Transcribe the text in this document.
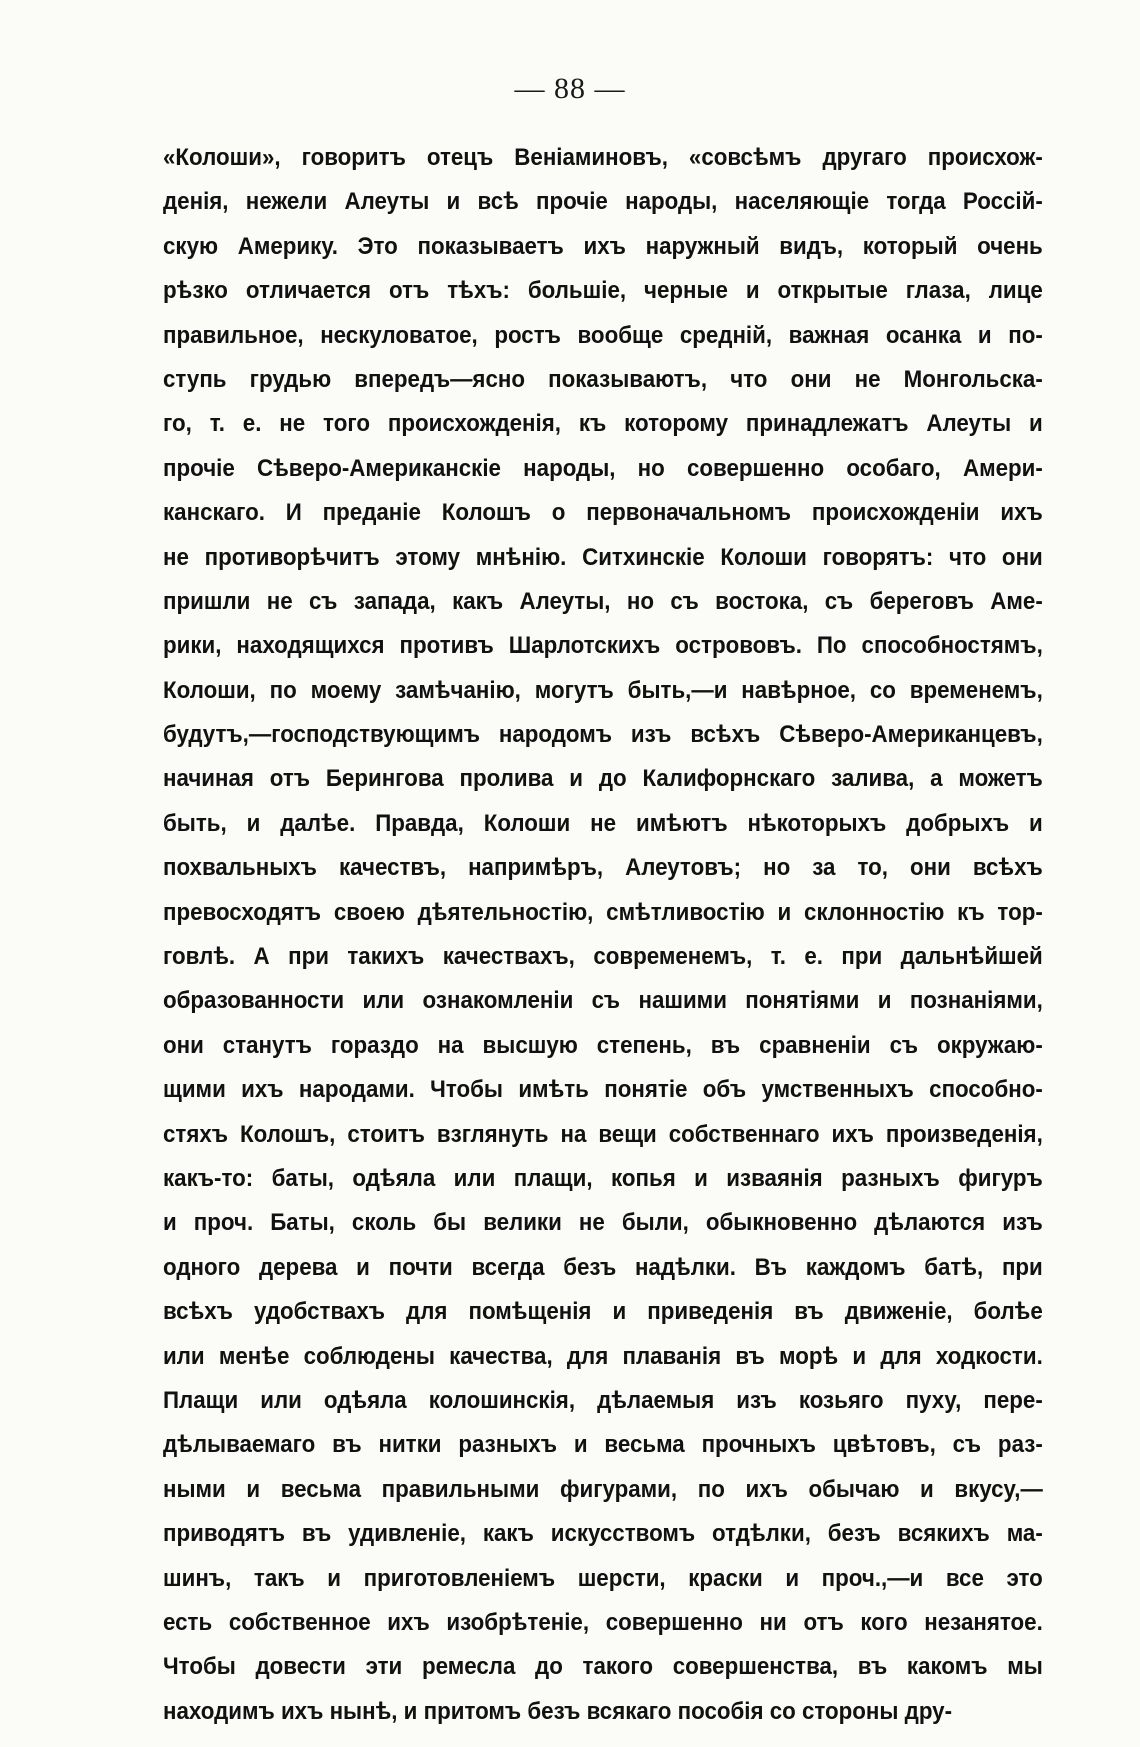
— 88 —
«Колоши», говоритъ отецъ Веніаминовъ, «совсѣмъ другаго происхож-
денія, нежели Алеуты и всѣ прочіе народы, населяющіе тогда Россій-
скую Америку. Это показываетъ ихъ наружный видъ, который очень
рѣзко отличается отъ тѣхъ: большіе, черные и открытые глаза, лице
правильное, нескуловатое, ростъ вообще средній, важная осанка и по-
ступь грудью впередъ—ясно показываютъ, что они не Монгольска-
го, т. е. не того происхожденія, къ которому принадлежатъ Алеуты и
прочіе Сѣверо-Американскіе народы, но совершенно особаго, Амери-
канскаго. И преданіе Колошъ о первоначальномъ происхожденіи ихъ
не противорѣчитъ этому мнѣнію. Ситхинскіе Колоши говорятъ: что они
пришли не съ запада, какъ Алеуты, но съ востока, съ береговъ Аме-
рики, находящихся противъ Шарлотскихъ острововъ. По способностямъ,
Колоши, по моему замѣчанію, могутъ быть,—и навѣрное, со временемъ,
будутъ,—господствующимъ народомъ изъ всѣхъ Сѣверо-Американцевъ,
начиная отъ Берингова пролива и до Калифорнскаго залива, а можетъ
быть, и далѣе. Правда, Колоши не имѣютъ нѣкоторыхъ добрыхъ и
похвальныхъ качествъ, напримѣръ, Алеутовъ; но за то, они всѣхъ
превосходятъ своею дѣятельностію, смѣтливостію и склонностію къ тор-
говлѣ. А при такихъ качествахъ, современемъ, т. е. при дальнѣйшей
образованности или ознакомленіи съ нашими понятіями и познаніями,
они станутъ гораздо на высшую степень, въ сравненіи съ окружаю-
щими ихъ народами. Чтобы имѣть понятіе объ умственныхъ способно-
стяхъ Колошъ, стоитъ взглянуть на вещи собственнаго ихъ произведенія,
какъ-то: баты, одѣяла или плащи, копья и изваянія разныхъ фигуръ
и проч. Баты, сколь бы велики не были, обыкновенно дѣлаются изъ
одного дерева и почти всегда безъ надѣлки. Въ каждомъ батѣ, при
всѣхъ удобствахъ для помѣщенія и приведенія въ движеніе, болѣе
или менѣе соблюдены качества, для плаванія въ морѣ и для ходкости.
Плащи или одѣяла колошинскія, дѣлаемыя изъ козьяго пуху, пере-
дѣлываемаго въ нитки разныхъ и весьма прочныхъ цвѣтовъ, съ раз-
ными и весьма правильными фигурами, по ихъ обычаю и вкусу,—
приводятъ въ удивленіе, какъ искусствомъ отдѣлки, безъ всякихъ ма-
шинъ, такъ и приготовленіемъ шерсти, краски и проч.,—и все это
есть собственное ихъ изобрѣтеніе, совершенно ни отъ кого незанятое.
Чтобы довести эти ремесла до такого совершенства, въ какомъ мы
находимъ ихъ нынѣ, и притомъ безъ всякаго пособія со стороны дру-
